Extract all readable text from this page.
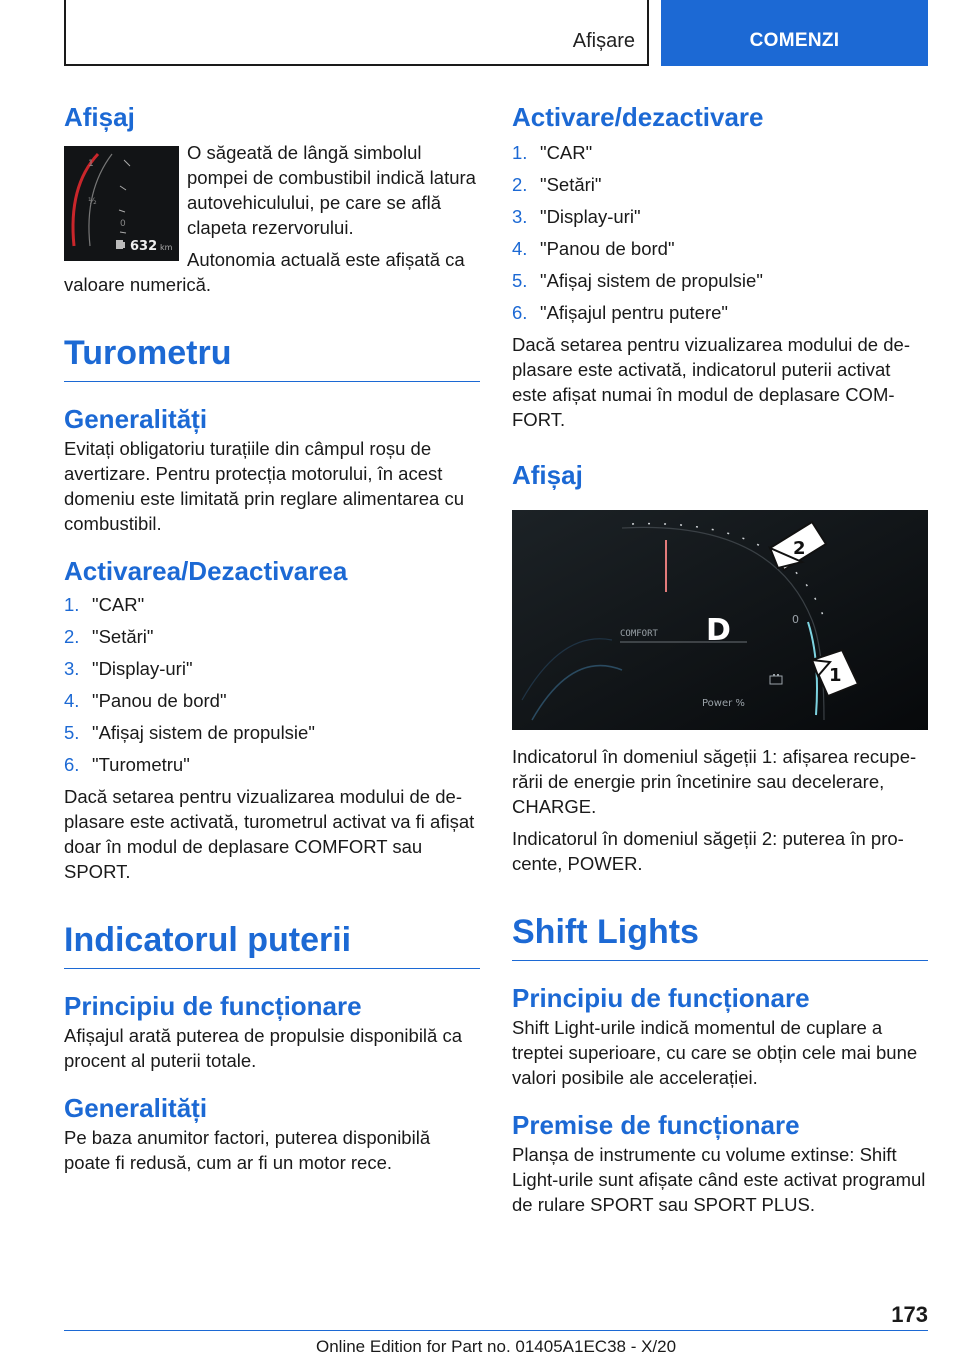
Afișare	COMENZI
Afișaj
1
½
0
632 km

O săgeată de lângă simbolul pompei de combustibil indică latura autovehiculului, pe care se află clapeta rezervorului.

Autonomia actuală este afișată ca valoare numerică.

Turometru
Generalități

Evitați obligatoriu turațiile din câmpul roșu de avertizare. Pentru protecția motorului, în acest domeniu este limitată prin reglare alimentarea cu combustibil.

Activarea/Dezactivarea
1. "CAR"
2. "Setări"
3. "Display-uri"
4. "Panou de bord"
5. "Afișaj sistem de propulsie"
6. "Turometru"

Dacă setarea pentru vizualizarea modului de deplasare este activată, turometrul activat va fi afișat doar în modul de deplasare COMFORT sau SPORT.

Indicatorul puterii
Principiu de funcționare

Afișajul arată puterea de propulsie disponibilă ca procent al puterii totale.

Generalități

Pe baza anumitor factori, puterea disponibilă poate fi redusă, cum ar fi un motor rece.

Activare/dezactivare
1. "CAR"
2. "Setări"
3. "Display-uri"
4. "Panou de bord"
5. "Afișaj sistem de propulsie"
6. "Afișajul pentru putere"

Dacă setarea pentru vizualizarea modului de deplasare este activată, indicatorul puterii activat este afișat numai în modul de deplasare COMFORT.

Afișaj
COMFORT D	0
Power %
2
1

Indicatorul în domeniul săgeții 1: afișarea recuperării de energie prin încetinire sau decelerare, CHARGE.

Indicatorul în domeniul săgeții 2: puterea în procente, POWER.

Shift Lights
Principiu de funcționare

Shift Light-urile indică momentul de cuplare a treptei superioare, cu care se obțin cele mai bune valori posibile ale accelerației.

Premise de funcționare

Planșa de instrumente cu volume extinse: Shift Light-urile sunt afișate când este activat programul de rulare SPORT sau SPORT PLUS.

173
Online Edition for Part no. 01405A1EC38 - X/20
